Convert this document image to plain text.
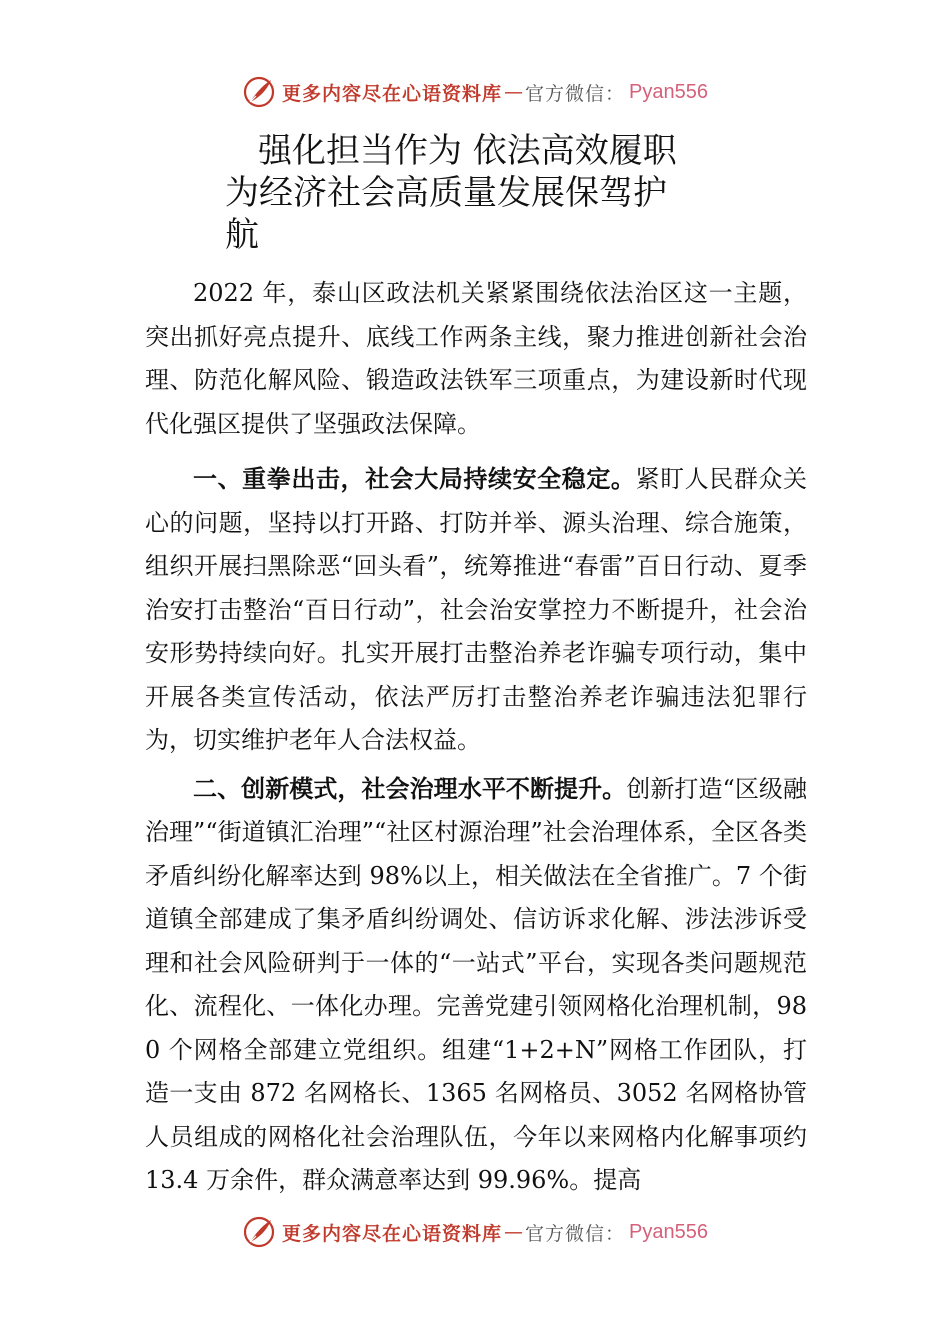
更多内容尽在心语资料库 — 官方微信： Pyan556
强化担当作为 依法高效履职
为经济社会高质量发展保驾护
航

2022 年，泰山区政法机关紧紧围绕依法治区这一主题，突出抓好亮点提升、底线工作两条主线，聚力推进创新社会治理、防范化解风险、锻造政法铁军三项重点，为建设新时代现代化强区提供了坚强政法保障。

一、重拳出击，社会大局持续安全稳定。紧盯人民群众关心的问题，坚持以打开路、打防并举、源头治理、综合施策，组织开展扫黑除恶“回头看”，统筹推进“春雷”百日行动、夏季治安打击整治“百日行动”，社会治安掌控力不断提升，社会治安形势持续向好。扎实开展打击整治养老诈骗专项行动，集中开展各类宣传活动，依法严厉打击整治养老诈骗违法犯罪行为，切实维护老年人合法权益。

二、创新模式，社会治理水平不断提升。创新打造“区级融治理”“街道镇汇治理”“社区村源治理”社会治理体系，全区各类矛盾纠纷化解率达到 98%以上，相关做法在全省推广。7 个街道镇全部建成了集矛盾纠纷调处、信访诉求化解、涉法涉诉受理和社会风险研判于一体的“一站式”平台，实现各类问题规范化、流程化、一体化办理。完善党建引领网格化治理机制，980 个网格全部建立党组织。组建“1+2+N”网格工作团队，打造一支由 872 名网格长、1365 名网格员、3052 名网格协管人员组成的网格化社会治理队伍，今年以来网格内化解事项约 13.4 万余件，群众满意率达到 99.96%。提高

更多内容尽在心语资料库 — 官方微信： Pyan556
